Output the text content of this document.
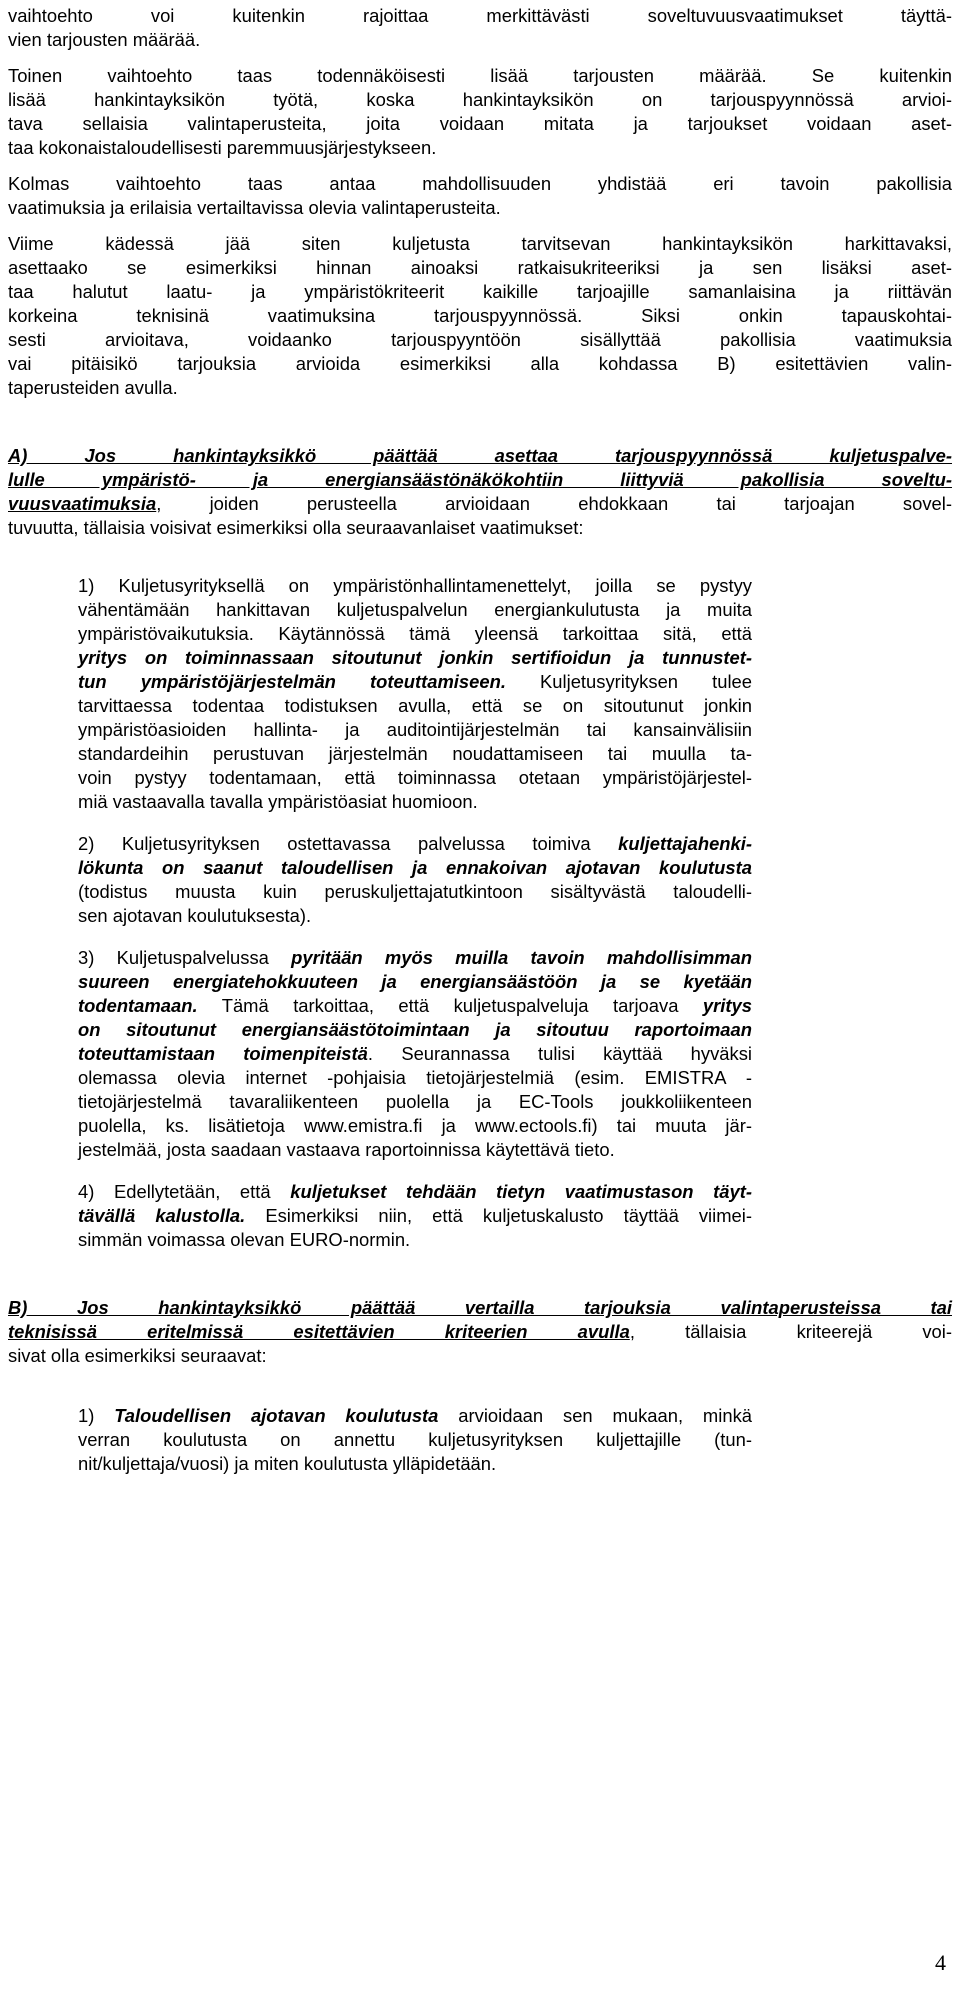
4
vaihtoehto voi kuitenkin rajoittaa merkittävästi soveltuvuusvaatimukset täyttä-
vien tarjousten määrää.
Toinen vaihtoehto taas todennäköisesti lisää tarjousten määrää. Se kuitenkin
lisää hankintayksikön työtä, koska hankintayksikön on tarjouspyynnössä arvioi-
tava sellaisia valintaperusteita, joita voidaan mitata ja tarjoukset voidaan aset-
taa kokonaistaloudellisesti paremmuusjärjestykseen.
Kolmas vaihtoehto taas antaa mahdollisuuden yhdistää eri tavoin pakollisia
vaatimuksia ja erilaisia vertailtavissa olevia valintaperusteita.
Viime kädessä jää siten kuljetusta tarvitsevan hankintayksikön harkittavaksi,
asettaako se esimerkiksi hinnan ainoaksi ratkaisukriteeriksi ja sen lisäksi aset-
taa halutut laatu- ja ympäristökriteerit kaikille tarjoajille samanlaisina ja riittävän
korkeina teknisinä vaatimuksina tarjouspyynnössä. Siksi onkin tapauskohtai-
sesti arvioitava, voidaanko tarjouspyyntöön sisällyttää pakollisia vaatimuksia
vai pitäisikö tarjouksia arvioida esimerkiksi alla kohdassa B) esitettävien valin-
taperusteiden avulla.
A) Jos hankintayksikkö päättää asettaa tarjouspyynnössä kuljetuspalve-
lulle ympäristö- ja energiansäästönäkökohtiin liittyviä pakollisia soveltu-
vuusvaatimuksia, joiden perusteella arvioidaan ehdokkaan tai tarjoajan sovel-
tuvuutta, tällaisia voisivat esimerkiksi olla seuraavanlaiset vaatimukset:
1) Kuljetusyrityksellä on ympäristönhallintamenettelyt, joilla se pystyy
vähentämään hankittavan kuljetuspalvelun energiankulutusta ja muita
ympäristövaikutuksia. Käytännössä tämä yleensä tarkoittaa sitä, että
yritys on toiminnassaan sitoutunut jonkin sertifioidun ja tunnustet-
tun ympäristöjärjestelmän toteuttamiseen. Kuljetusyrityksen tulee
tarvittaessa todentaa todistuksen avulla, että se on sitoutunut jonkin
ympäristöasioiden hallinta- ja auditointijärjestelmän tai kansainvälisiin
standardeihin perustuvan järjestelmän noudattamiseen tai muulla ta-
voin pystyy todentamaan, että toiminnassa otetaan ympäristöjärjestel-
miä vastaavalla tavalla ympäristöasiat huomioon.
2) Kuljetusyrityksen ostettavassa palvelussa toimiva kuljettajahenki-
lökunta on saanut taloudellisen ja ennakoivan ajotavan koulutusta
(todistus muusta kuin peruskuljettajatutkintoon sisältyvästä taloudelli-
sen ajotavan koulutuksesta).
3) Kuljetuspalvelussa pyritään myös muilla tavoin mahdollisimman
suureen energiatehokkuuteen ja energiansäästöön ja se kyetään
todentamaan. Tämä tarkoittaa, että kuljetuspalveluja tarjoava yritys
on sitoutunut energiansäästötoimintaan ja sitoutuu raportoimaan
toteuttamistaan toimenpiteistä. Seurannassa tulisi käyttää hyväksi
olemassa olevia internet -pohjaisia tietojärjestelmiä (esim. EMISTRA -
tietojärjestelmä tavaraliikenteen puolella ja EC-Tools joukkoliikenteen
puolella, ks. lisätietoja www.emistra.fi ja www.ectools.fi) tai muuta jär-
jestelmää, josta saadaan vastaava raportoinnissa käytettävä tieto.
4) Edellytetään, että kuljetukset tehdään tietyn vaatimustason täyt-
tävällä kalustolla. Esimerkiksi niin, että kuljetuskalusto täyttää viimei-
simmän voimassa olevan EURO-normin.
B) Jos hankintayksikkö päättää vertailla tarjouksia valintaperusteissa tai
teknisissä eritelmissä esitettävien kriteerien avulla, tällaisia kriteerejä voi-
sivat olla esimerkiksi seuraavat:
1) Taloudellisen ajotavan koulutusta arvioidaan sen mukaan, minkä
verran koulutusta on annettu kuljetusyrityksen kuljettajille (tun-
nit/kuljettaja/vuosi) ja miten koulutusta ylläpidetään.
